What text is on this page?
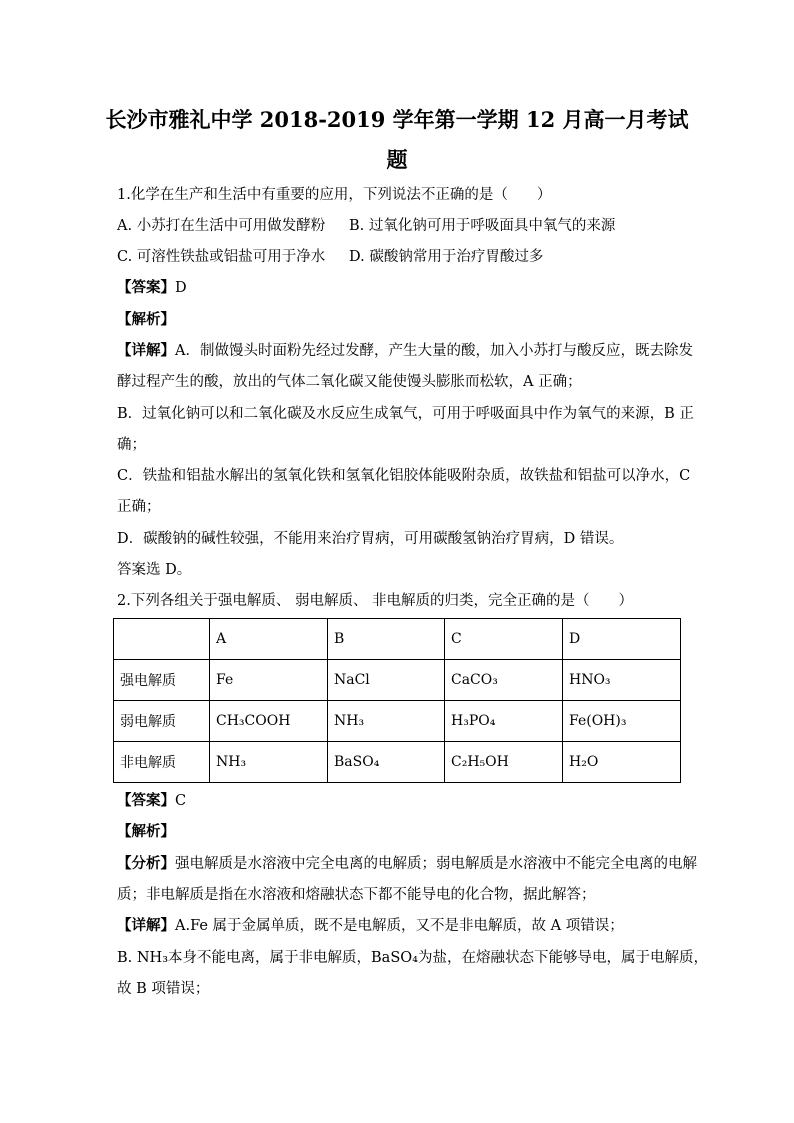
长沙市雅礼中学 2018-2019 学年第一学期 12 月高一月考试
题
1.化学在生产和生活中有重要的应用，下列说法不正确的是（　　）
A. 小苏打在生活中可用做发酵粉 B. 过氧化钠可用于呼吸面具中氧气的来源
C. 可溶性铁盐或铝盐可用于净水 D. 碳酸钠常用于治疗胃酸过多
【答案】D
【解析】
【详解】A．制做馒头时面粉先经过发酵，产生大量的酸，加入小苏打与酸反应，既去除发
酵过程产生的酸，放出的气体二氧化碳又能使馒头膨胀而松软，A 正确；
B．过氧化钠可以和二氧化碳及水反应生成氧气，可用于呼吸面具中作为氧气的来源，B 正
确；
C．铁盐和铝盐水解出的氢氧化铁和氢氧化铝胶体能吸附杂质，故铁盐和铝盐可以净水，C
正确；
D．碳酸钠的碱性较强，不能用来治疗胃病，可用碳酸氢钠治疗胃病，D 错误。
答案选 D。
2.下列各组关于强电解质、 弱电解质、 非电解质的归类，完全正确的是（　　）
	A	B	C	D
强电解质	Fe	NaCl	CaCO₃	HNO₃
弱电解质	CH₃COOH	NH₃	H₃PO₄	Fe(OH)₃
非电解质	NH₃	BaSO₄	C₂H₅OH	H₂O
【答案】C
【解析】
【分析】强电解质是水溶液中完全电离的电解质；弱电解质是水溶液中不能完全电离的电解
质；非电解质是指在水溶液和熔融状态下都不能导电的化合物，据此解答；
【详解】A.Fe 属于金属单质，既不是电解质，又不是非电解质，故 A 项错误；
B. NH₃本身不能电离，属于非电解质，BaSO₄为盐，在熔融状态下能够导电，属于电解质，
故 B 项错误；
